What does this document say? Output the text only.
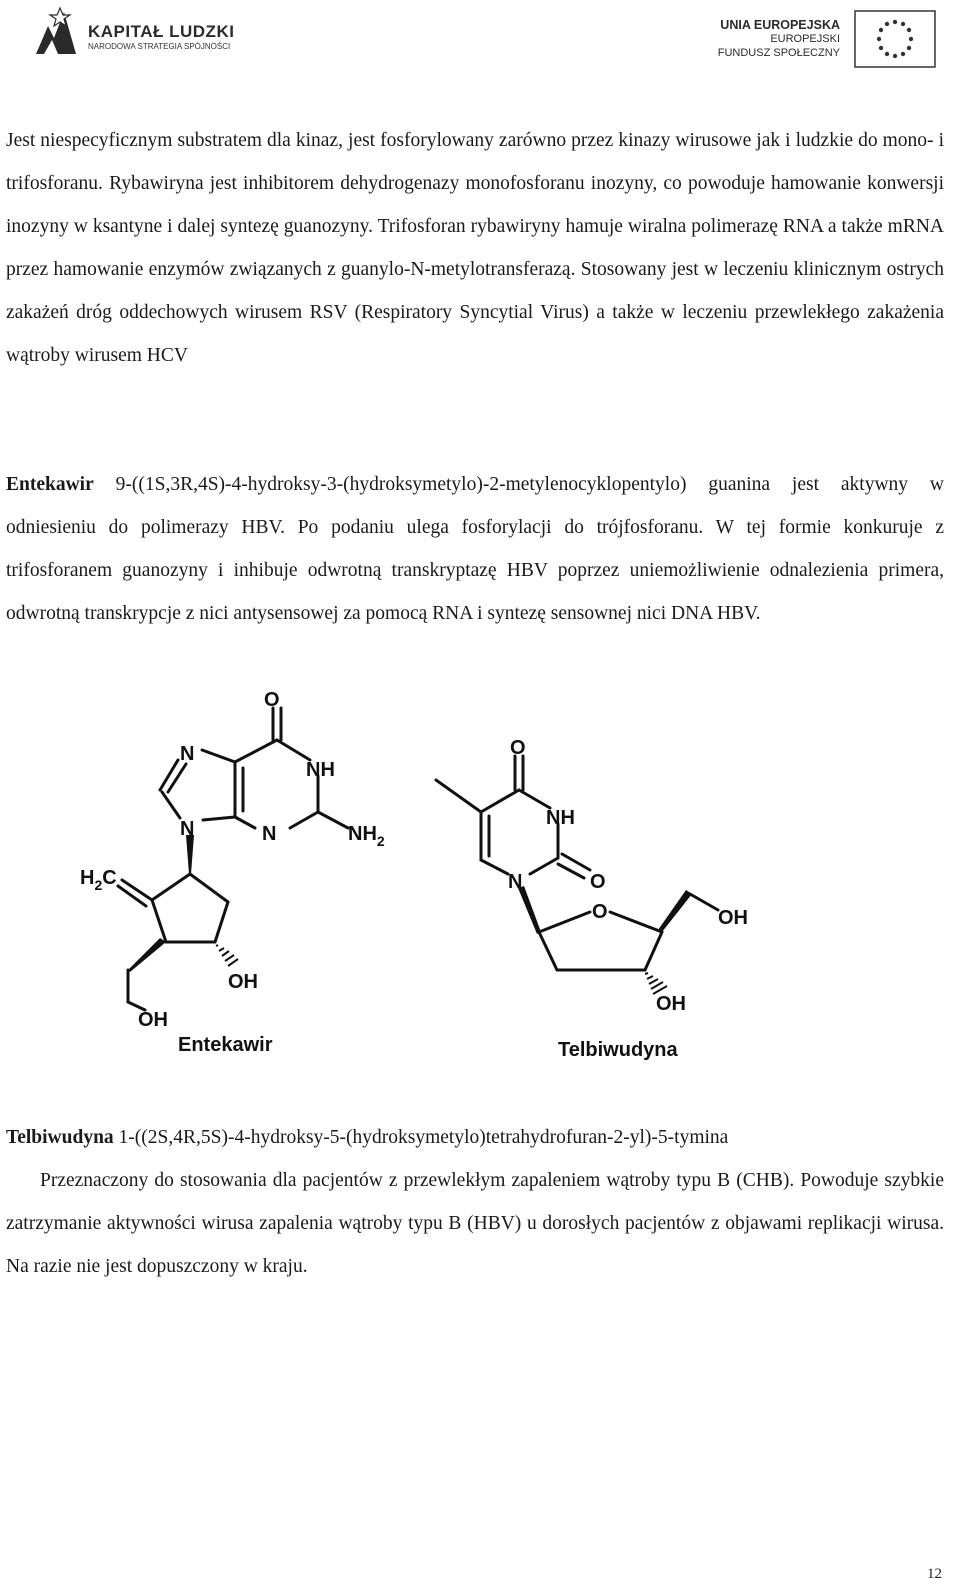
KAPITAŁ LUDZKI
NARODOWA STRATEGIA SPÓJNOŚCI
UNIA EUROPEJSKA
EUROPEJSKI
FUNDUSZ SPOŁECZNY

Jest niespecyficznym substratem dla kinaz, jest fosforylowany zarówno przez kinazy wirusowe jak i ludzkie do mono- i trifosforanu. Rybawiryna jest inhibitorem dehydrogenazy monofosforanu inozyny, co powoduje hamowanie konwersji inozyny w ksantyne i dalej syntezę guanozyny. Trifosforan rybawiryny hamuje wiralna polimerazę RNA a także mRNA przez hamowanie enzymów związanych z guanylo-N-metylotransferazą. Stosowany jest w leczeniu klinicznym ostrych zakażeń dróg oddechowych wirusem RSV (Respiratory Syncytial Virus) a także w leczeniu przewlekłego zakażenia wątroby wirusem HCV

Entekawir 9-((1S,3R,4S)-4-hydroksy-3-(hydroksymetylo)-2-metylenocyklopentylo) guanina jest aktywny w odniesieniu do polimerazy HBV. Po podaniu ulega fosforylacji do trójfosforanu. W tej formie konkuruje z trifosforanem guanozyny i inhibuje odwrotną transkryptazę HBV poprzez uniemożliwienie odnalezienia primera, odwrotną transkrypcje z nici antysensowej za pomocą RNA i syntezę sensownej nici DNA HBV.

O
N
NH
N	N	$NH_2$
$H_2C$
OH
OH
Entekawir
O
NH
N	O
O	OH
OH
Telbiwudyna
Telbiwudyna 1-((2S,4R,5S)-4-hydroksy-5-(hydroksymetylo)tetrahydrofuran-2-yl)-5-tymina
Przeznaczony do stosowania dla pacjentów z przewlekłym zapaleniem wątroby typu B (CHB). Powoduje szybkie zatrzymanie aktywności wirusa zapalenia wątroby typu B (HBV) u dorosłych pacjentów z objawami replikacji wirusa. Na razie nie jest dopuszczony w kraju.
12
